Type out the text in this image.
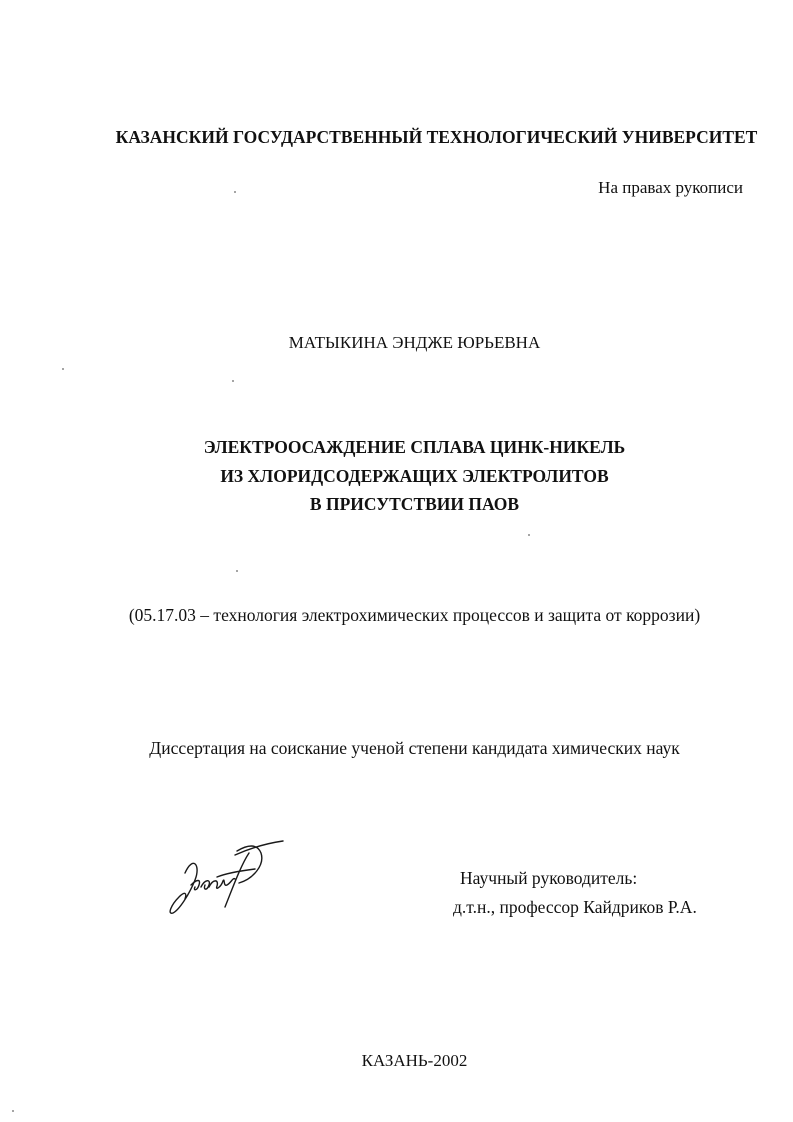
КАЗАНСКИЙ ГОСУДАРСТВЕННЫЙ ТЕХНОЛОГИЧЕСКИЙ УНИВЕРСИТЕТ
На правах рукописи
МАТЫКИНА ЭНДЖЕ ЮРЬЕВНА
ЭЛЕКТРООСАЖДЕНИЕ СПЛАВА ЦИНК-НИКЕЛЬ
ИЗ ХЛОРИДСОДЕРЖАЩИХ ЭЛЕКТРОЛИТОВ
В ПРИСУТСТВИИ ПАОВ
(05.17.03 – технология электрохимических процессов и защита от коррозии)
Диссертация на соискание ученой степени кандидата химических наук
Научный руководитель:
д.т.н., профессор Кайдриков Р.А.
КАЗАНЬ-2002
